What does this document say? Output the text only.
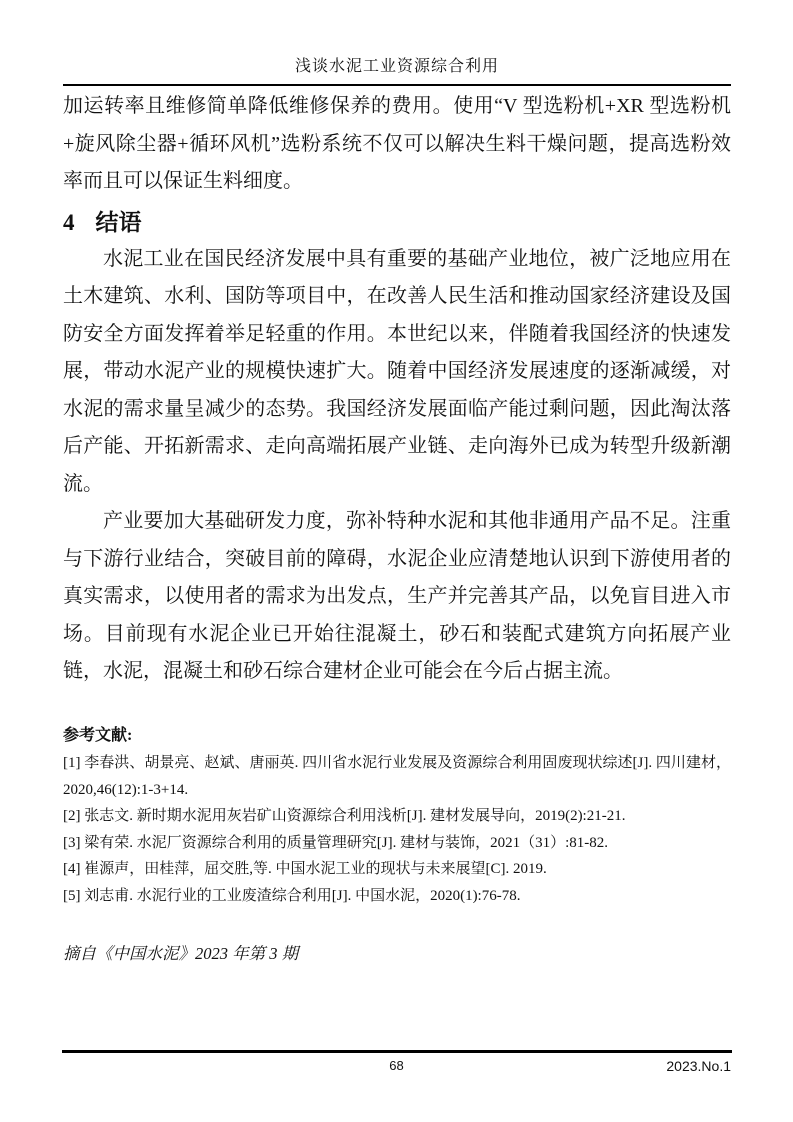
浅谈水泥工业资源综合利用

加运转率且维修简单降低维修保养的费用。使用“V 型选粉机+XR 型选粉机+旋风除尘器+循环风机”选粉系统不仅可以解决生料干燥问题，提高选粉效率而且可以保证生料细度。

4 结语

水泥工业在国民经济发展中具有重要的基础产业地位，被广泛地应用在土木建筑、水利、国防等项目中，在改善人民生活和推动国家经济建设及国防安全方面发挥着举足轻重的作用。本世纪以来，伴随着我国经济的快速发展，带动水泥产业的规模快速扩大。随着中国经济发展速度的逐渐减缓，对水泥的需求量呈减少的态势。我国经济发展面临产能过剩问题，因此淘汰落后产能、开拓新需求、走向高端拓展产业链、走向海外已成为转型升级新潮流。

产业要加大基础研发力度，弥补特种水泥和其他非通用产品不足。注重与下游行业结合，突破目前的障碍，水泥企业应清楚地认识到下游使用者的真实需求，以使用者的需求为出发点，生产并完善其产品，以免盲目进入市场。目前现有水泥企业已开始往混凝土，砂石和装配式建筑方向拓展产业链，水泥，混凝土和砂石综合建材企业可能会在今后占据主流。

参考文献:

[1] 李春洪、胡景亮、赵斌、唐丽英. 四川省水泥行业发展及资源综合利用固废现状综述[J]. 四川建材，2020,46(12):1-3+14.

[2] 张志文. 新时期水泥用灰岩矿山资源综合利用浅析[J]. 建材发展导向，2019(2):21-21.

[3] 梁有荣. 水泥厂资源综合利用的质量管理研究[J]. 建材与装饰，2021（31）:81-82.

[4] 崔源声，田桂萍，屈交胜,等. 中国水泥工业的现状与未来展望[C]. 2019.

[5] 刘志甫. 水泥行业的工业废渣综合利用[J]. 中国水泥，2020(1):76-78.

摘自《中国水泥》2023 年第 3 期

68	2023.No.1
